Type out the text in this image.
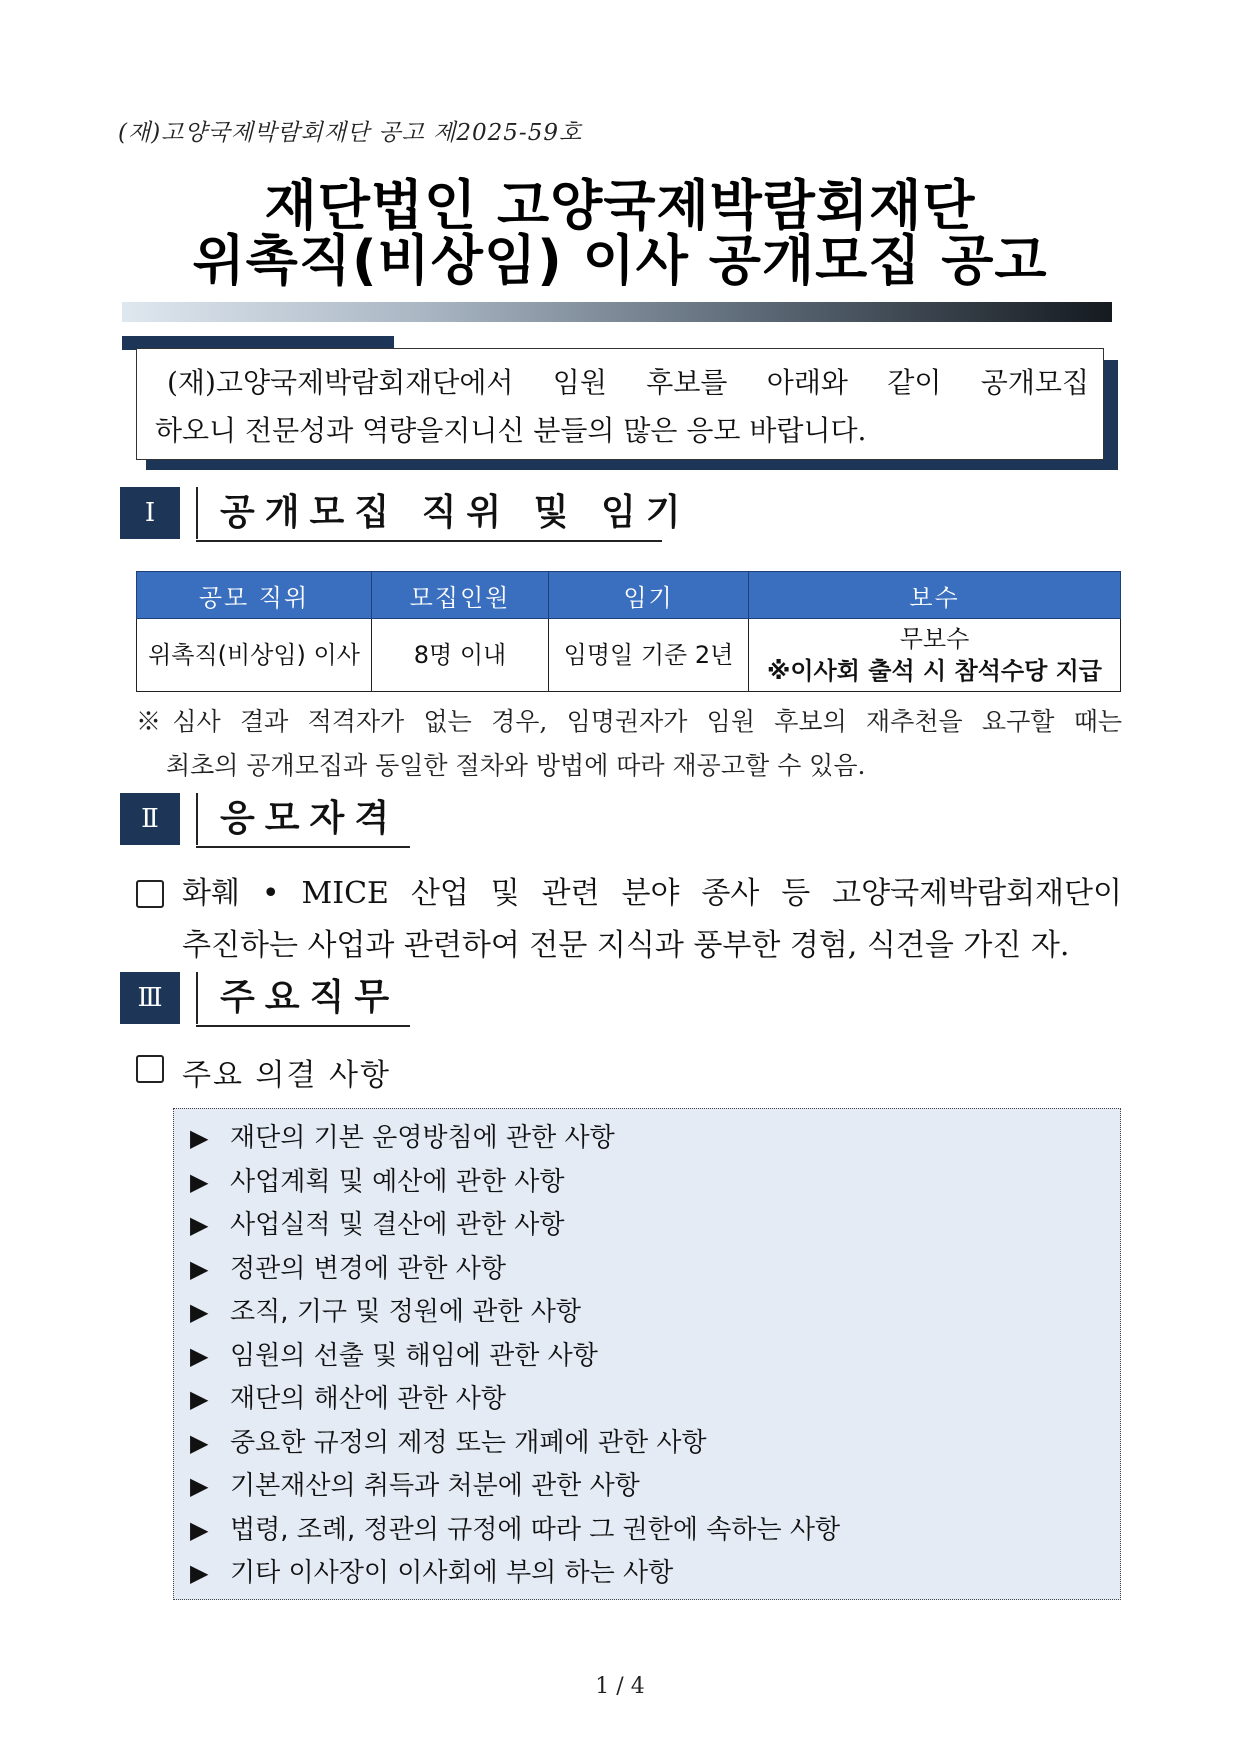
(재)고양국제박람회재단 공고 제2025-59호
재단법인 고양국제박람회재단
위촉직(비상임) 이사 공개모집 공고
(재)고양국제박람회재단에서 임원 후보를 아래와 같이 공개모집
하오니 전문성과 역량을지니신 분들의 많은 응모 바랍니다.
Ⅰ	공개모집 직위 및 임기
공모 직위	모집인원	임기	보수
위촉직(비상임) 이사	8명 이내	임명일 기준 2년	무보수
※이사회 출석 시 참석수당 지급
※심사 결과 적격자가 없는 경우, 임명권자가 임원 후보의 재추천을 요구할 때는
최초의 공개모집과 동일한 절차와 방법에 따라 재공고할 수 있음.
Ⅱ	응모자격
화훼 • MICE 산업 및 관련 분야 종사 등 고양국제박람회재단이
추진하는 사업과 관련하여 전문 지식과 풍부한 경험, 식견을 가진 자.
Ⅲ	주요직무
주요 의결 사항
▶ 재단의 기본 운영방침에 관한 사항
▶ 사업계획 및 예산에 관한 사항
▶ 사업실적 및 결산에 관한 사항
▶ 정관의 변경에 관한 사항
▶ 조직, 기구 및 정원에 관한 사항
▶ 임원의 선출 및 해임에 관한 사항
▶ 재단의 해산에 관한 사항
▶ 중요한 규정의 제정 또는 개폐에 관한 사항
▶ 기본재산의 취득과 처분에 관한 사항
▶ 법령, 조례, 정관의 규정에 따라 그 권한에 속하는 사항
▶ 기타 이사장이 이사회에 부의 하는 사항
1 / 4
